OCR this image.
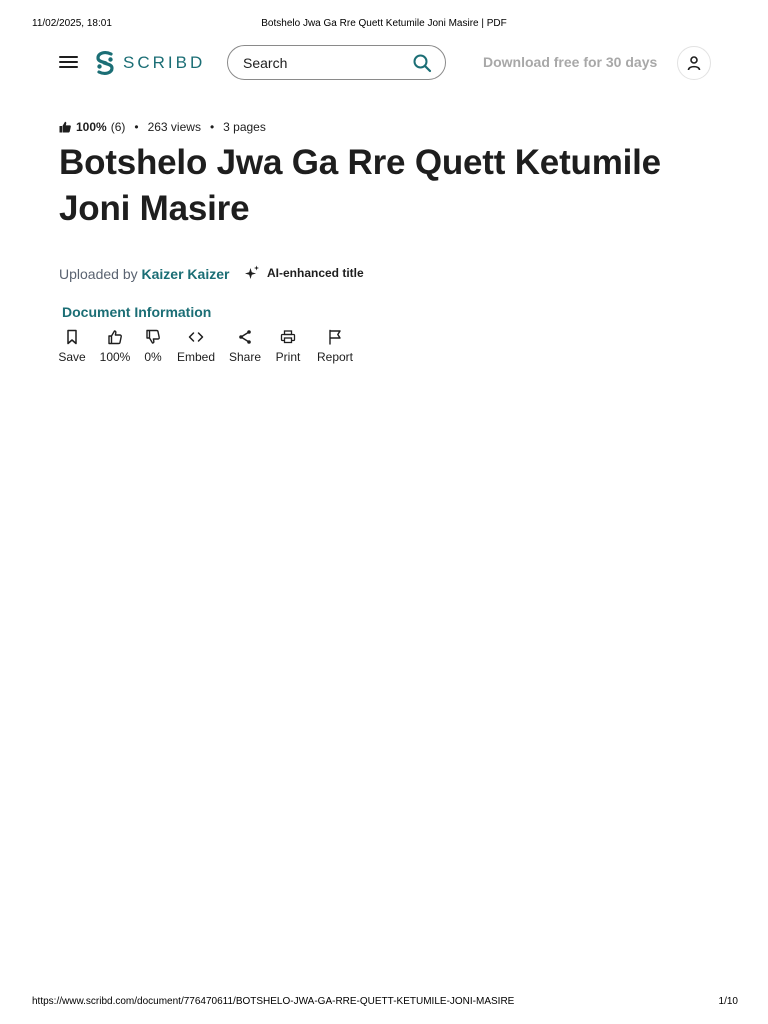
11/02/2025, 18:01	Botshelo Jwa Ga Rre Quett Ketumile Joni Masire | PDF
SCRIBD
Search	Download free for 30 days
100% (6) • 263 views • 3 pages
Botshelo Jwa Ga Rre Quett Ketumile Joni Masire
Uploaded by Kaizer Kaizer	AI-enhanced title
Document Information
Save 100% 0% Embed Share Print Report
https://www.scribd.com/document/776470611/BOTSHELO-JWA-GA-RRE-QUETT-KETUMILE-JONI-MASIRE	1/10
